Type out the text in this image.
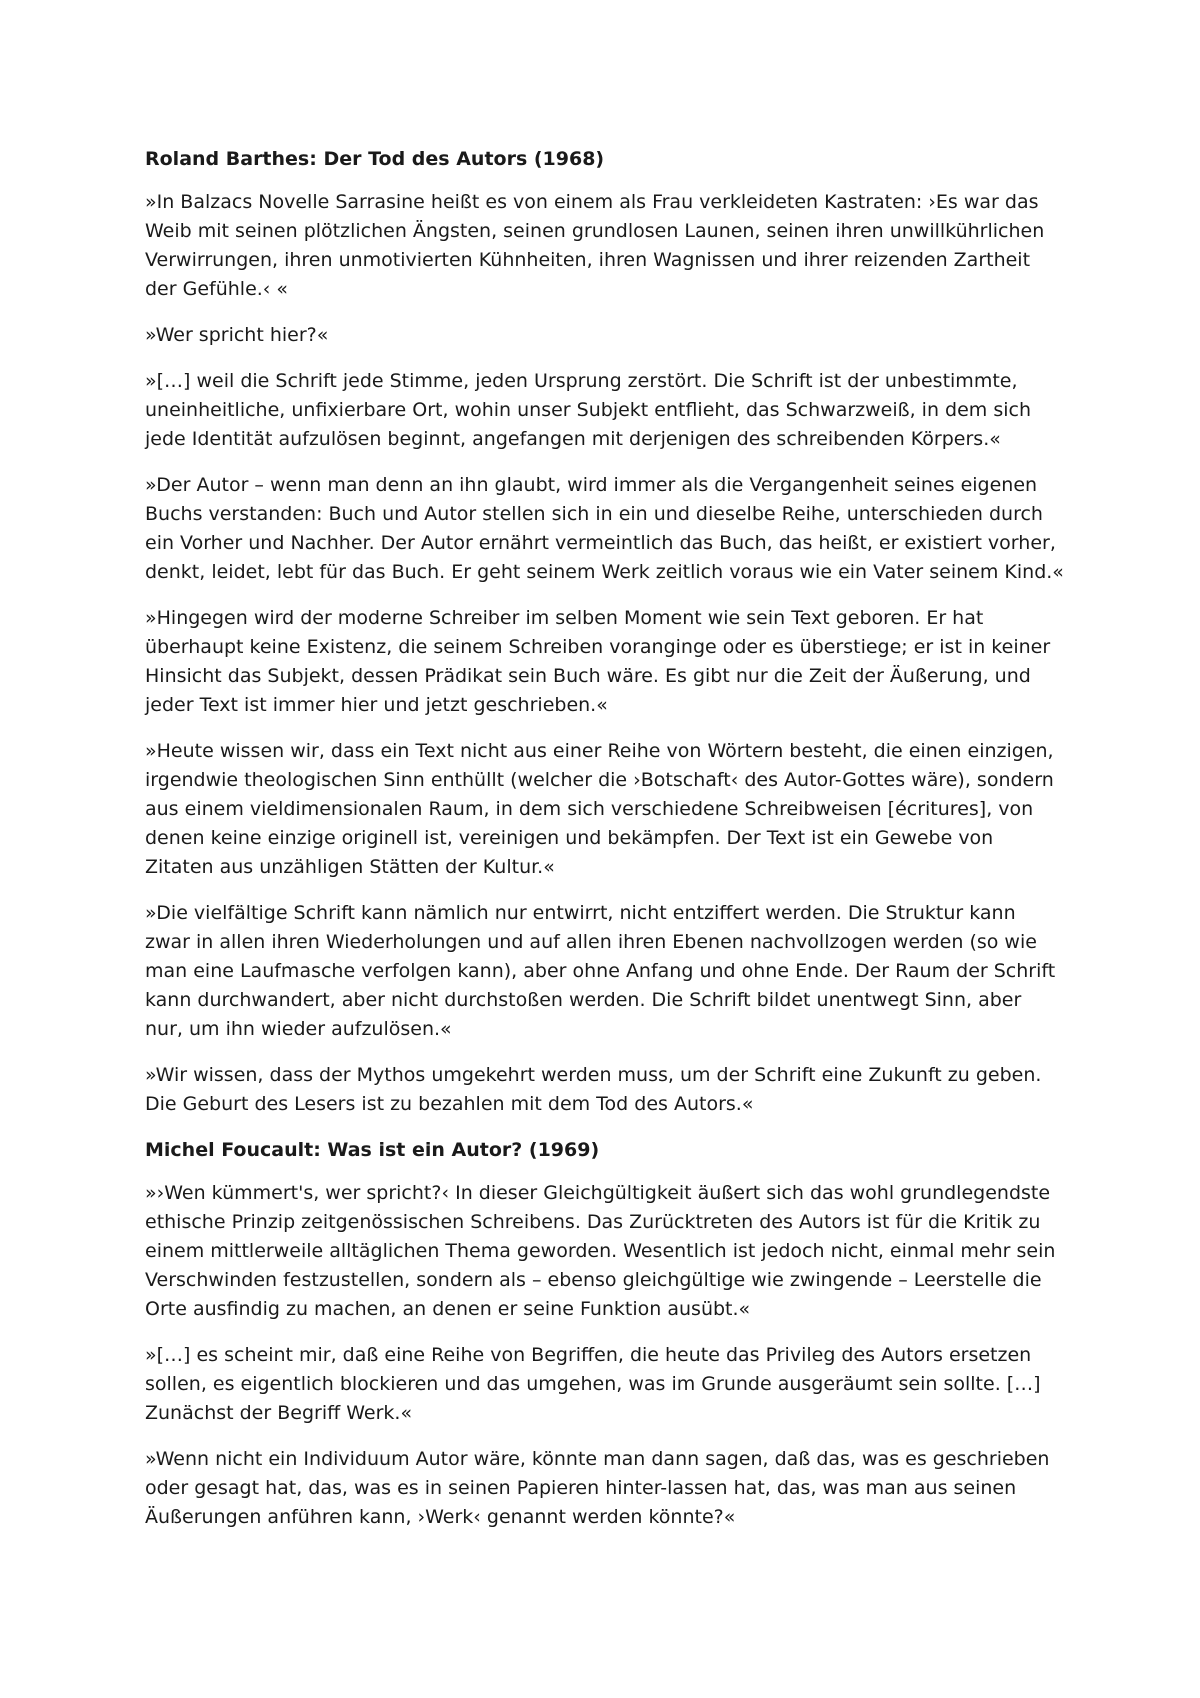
Roland Barthes: Der Tod des Autors (1968)

»In Balzacs Novelle Sarrasine heißt es von einem als Frau verkleideten Kastraten: ›Es war das Weib mit seinen plötzlichen Ängsten, seinen grundlosen Launen, seinen ihren unwillkührlichen Verwirrungen, ihren unmotivierten Kühnheiten, ihren Wagnissen und ihrer reizenden Zartheit der Gefühle.‹ «

»Wer spricht hier?«

»[…] weil die Schrift jede Stimme, jeden Ursprung zerstört. Die Schrift ist der unbestimmte, uneinheitliche, unfixierbare Ort, wohin unser Subjekt entflieht, das Schwarzweiß, in dem sich jede Identität aufzulösen beginnt, angefangen mit derjenigen des schreibenden Körpers.«

»Der Autor – wenn man denn an ihn glaubt, wird immer als die Vergangenheit seines eigenen Buchs verstanden: Buch und Autor stellen sich in ein und dieselbe Reihe, unterschieden durch ein Vorher und Nachher. Der Autor ernährt vermeintlich das Buch, das heißt, er existiert vorher, denkt, leidet, lebt für das Buch. Er geht seinem Werk zeitlich voraus wie ein Vater seinem Kind.«

»Hingegen wird der moderne Schreiber im selben Moment wie sein Text geboren. Er hat überhaupt keine Existenz, die seinem Schreiben voranginge oder es überstiege; er ist in keiner Hinsicht das Subjekt, dessen Prädikat sein Buch wäre. Es gibt nur die Zeit der Äußerung, und jeder Text ist immer hier und jetzt geschrieben.«

»Heute wissen wir, dass ein Text nicht aus einer Reihe von Wörtern besteht, die einen einzigen, irgendwie theologischen Sinn enthüllt (welcher die ›Botschaft‹ des Autor-Gottes wäre), sondern aus einem vieldimensionalen Raum, in dem sich verschiedene Schreibweisen [écritures], von denen keine einzige originell ist, vereinigen und bekämpfen. Der Text ist ein Gewebe von Zitaten aus unzähligen Stätten der Kultur.«

»Die vielfältige Schrift kann nämlich nur entwirrt, nicht entziffert werden. Die Struktur kann zwar in allen ihren Wiederholungen und auf allen ihren Ebenen nachvollzogen werden (so wie man eine Laufmasche verfolgen kann), aber ohne Anfang und ohne Ende. Der Raum der Schrift kann durchwandert, aber nicht durchstoßen werden. Die Schrift bildet unentwegt Sinn, aber nur, um ihn wieder aufzulösen.«

»Wir wissen, dass der Mythos umgekehrt werden muss, um der Schrift eine Zukunft zu geben. Die Geburt des Lesers ist zu bezahlen mit dem Tod des Autors.«

Michel Foucault: Was ist ein Autor? (1969)

»›Wen kümmert's, wer spricht?‹ In dieser Gleichgültigkeit äußert sich das wohl grundlegendste ethische Prinzip zeitgenössischen Schreibens. Das Zurücktreten des Autors ist für die Kritik zu einem mittlerweile alltäglichen Thema geworden. Wesentlich ist jedoch nicht, einmal mehr sein Verschwinden festzustellen, sondern als – ebenso gleichgültige wie zwingende – Leerstelle die Orte ausfindig zu machen, an denen er seine Funktion ausübt.«

»[…] es scheint mir, daß eine Reihe von Begriffen, die heute das Privileg des Autors ersetzen sollen, es eigentlich blockieren und das umgehen, was im Grunde ausgeräumt sein sollte. […] Zunächst der Begriff Werk.«

»Wenn nicht ein Individuum Autor wäre, könnte man dann sagen, daß das, was es geschrieben oder gesagt hat, das, was es in seinen Papieren hinter-lassen hat, das, was man aus seinen Äußerungen anführen kann, ›Werk‹ genannt werden könnte?«
